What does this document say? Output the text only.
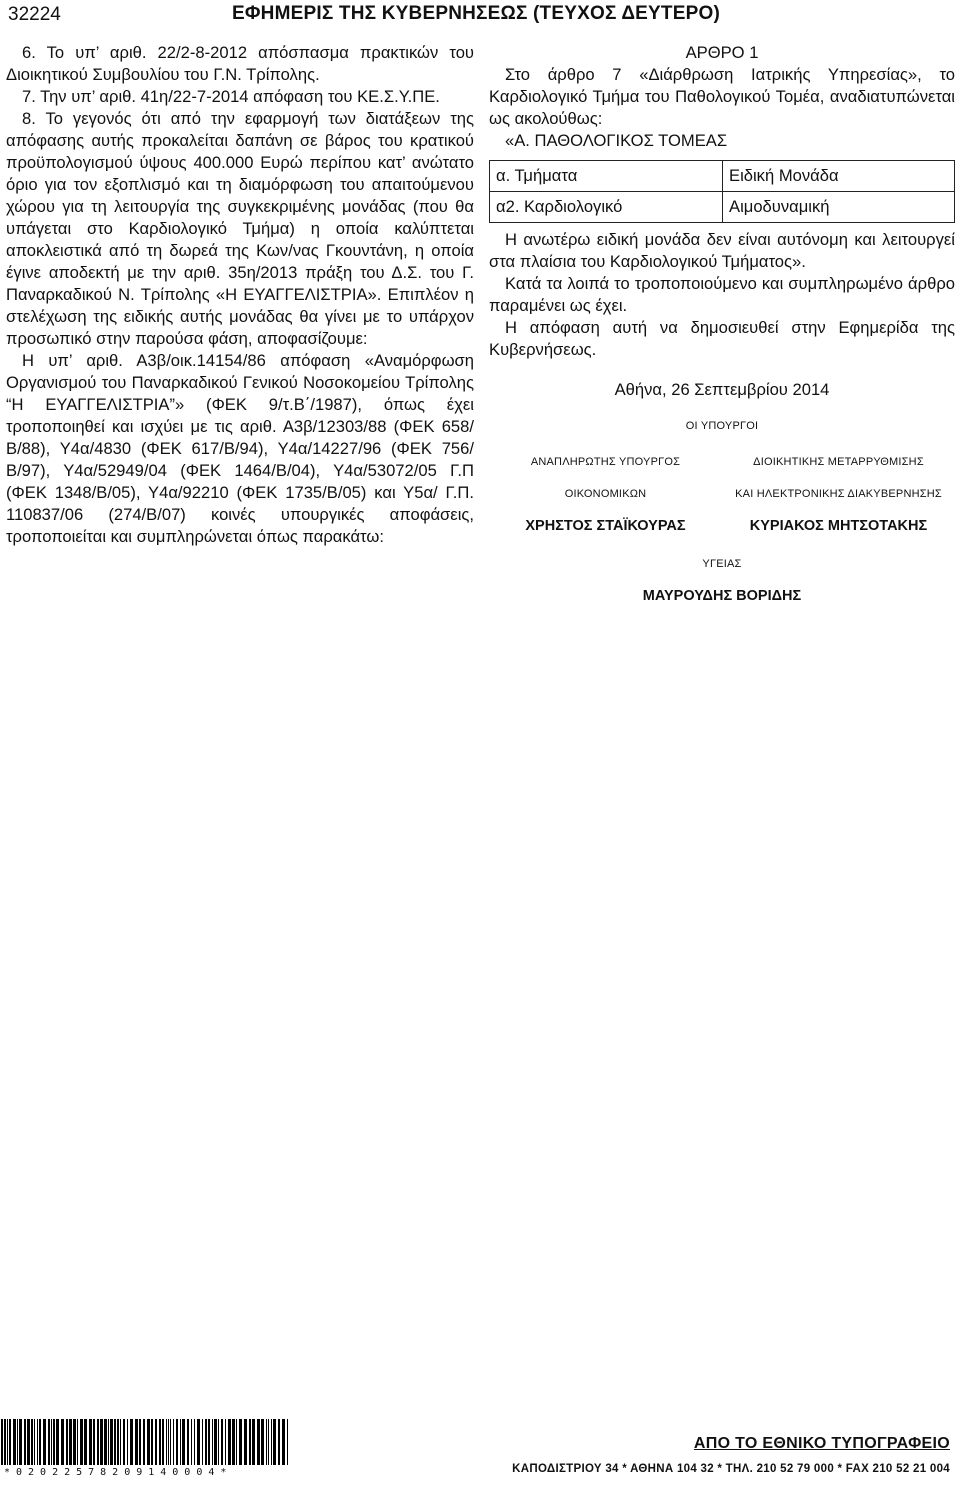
32224	ΕΦΗΜΕΡΙΣ ΤΗΣ ΚΥΒΕΡΝΗΣΕΩΣ (ΤΕΥΧΟΣ ΔΕΥΤΕΡΟ)

6. Το υπ’ αριθ. 22/2-8-2012 απόσπασμα πρακτικών του Διοικητικού Συμβουλίου του Γ.Ν. Τρίπολης.

7. Την υπ’ αριθ. 41η/22-7-2014 απόφαση του ΚΕ.Σ.Υ.ΠΕ.

8. Το γεγονός ότι από την εφαρμογή των διατάξεων της απόφασης αυτής προκαλείται δαπάνη σε βάρος του κρατικού προϋπολογισμού ύψους 400.000 Ευρώ περίπου κατ’ ανώτατο όριο για τον εξοπλισμό και τη διαμόρφωση του απαιτούμενου χώρου για τη λειτουργία της συγκεκριμένης μονάδας (που θα υπάγεται στο Καρδιολογικό Τμήμα) η οποία καλύπτεται αποκλειστικά από τη δωρεά της Κων/νας Γκουντάνη, η οποία έγινε αποδεκτή με την αριθ. 35η/2013 πράξη του Δ.Σ. του Γ. Παναρκαδικού Ν. Τρίπολης «Η ΕΥΑΓΓΕΛΙΣΤΡΙΑ». Επιπλέον η στελέχωση της ειδικής αυτής μονάδας θα γίνει με το υπάρχον προσωπικό στην παρούσα φάση, αποφασίζουμε:

Η υπ’ αριθ. Α3β/οικ.14154/86 απόφαση «Αναμόρφωση Οργανισμού του Παναρκαδικού Γενικού Νοσοκομείου Τρίπολης “Η ΕΥΑΓΓΕΛΙΣΤΡΙΑ”» (ΦΕΚ 9/τ.Β΄/1987), όπως έχει τροποποιηθεί και ισχύει με τις αριθ. Α3β/12303/88 (ΦΕΚ 658/Β/88), Υ4α/4830 (ΦΕΚ 617/Β/94), Υ4α/14227/96 (ΦΕΚ 756/Β/97), Υ4α/52949/04 (ΦΕΚ 1464/Β/04), Υ4α/53072/05 Γ.Π (ΦΕΚ 1348/Β/05), Υ4α/92210 (ΦΕΚ 1735/Β/05) και Υ5α/ Γ.Π. 110837/06 (274/Β/07) κοινές υπουργικές αποφάσεις, τροποποιείται και συμπληρώνεται όπως παρακάτω:

ΑΡΘΡΟ 1

Στο άρθρο 7 «Διάρθρωση Ιατρικής Υπηρεσίας», το Καρδιολογικό Τμήμα του Παθολογικού Τομέα, αναδιατυπώνεται ως ακολούθως:

«Α. ΠΑΘΟΛΟΓΙΚΟΣ ΤΟΜΕΑΣ

α. Τμήματα	Ειδική Μονάδα
α2. Καρδιολογικό	Αιμοδυναμική

Η ανωτέρω ειδική μονάδα δεν είναι αυτόνομη και λειτουργεί στα πλαίσια του Καρδιολογικού Τμήματος».

Κατά τα λοιπά το τροποποιούμενο και συμπληρωμένο άρθρο παραμένει ως έχει.

Η απόφαση αυτή να δημοσιευθεί στην Εφημερίδα της Κυβερνήσεως.

Αθήνα, 26 Σεπτεμβρίου 2014

ΟΙ ΥΠΟΥΡΓΟΙ
ΑΝΑΠΛΗΡΩΤΗΣ ΥΠΟΥΡΓΟΣ
ΟΙΚΟΝΟΜΙΚΩΝ
ΧΡΗΣΤΟΣ ΣΤΑΪΚΟΥΡΑΣ
ΔΙΟΙΚΗΤΙΚΗΣ ΜΕΤΑΡΡΥΘΜΙΣΗΣ
ΚΑΙ ΗΛΕΚΤΡΟΝΙΚΗΣ ΔΙΑΚΥΒΕΡΝΗΣΗΣ
ΚΥΡΙΑΚΟΣ ΜΗΤΣΟΤΑΚΗΣ
ΥΓΕΙΑΣ
ΜΑΥΡΟΥΔΗΣ ΒΟΡΙΔΗΣ
*02022578209140004*
ΑΠΟ ΤΟ ΕΘΝΙΚΟ ΤΥΠΟΓΡΑΦΕΙΟ
ΚΑΠΟΔΙΣΤΡΙΟΥ 34 * ΑΘΗΝΑ 104 32 * ΤΗΛ. 210 52 79 000 * FAX 210 52 21 004
